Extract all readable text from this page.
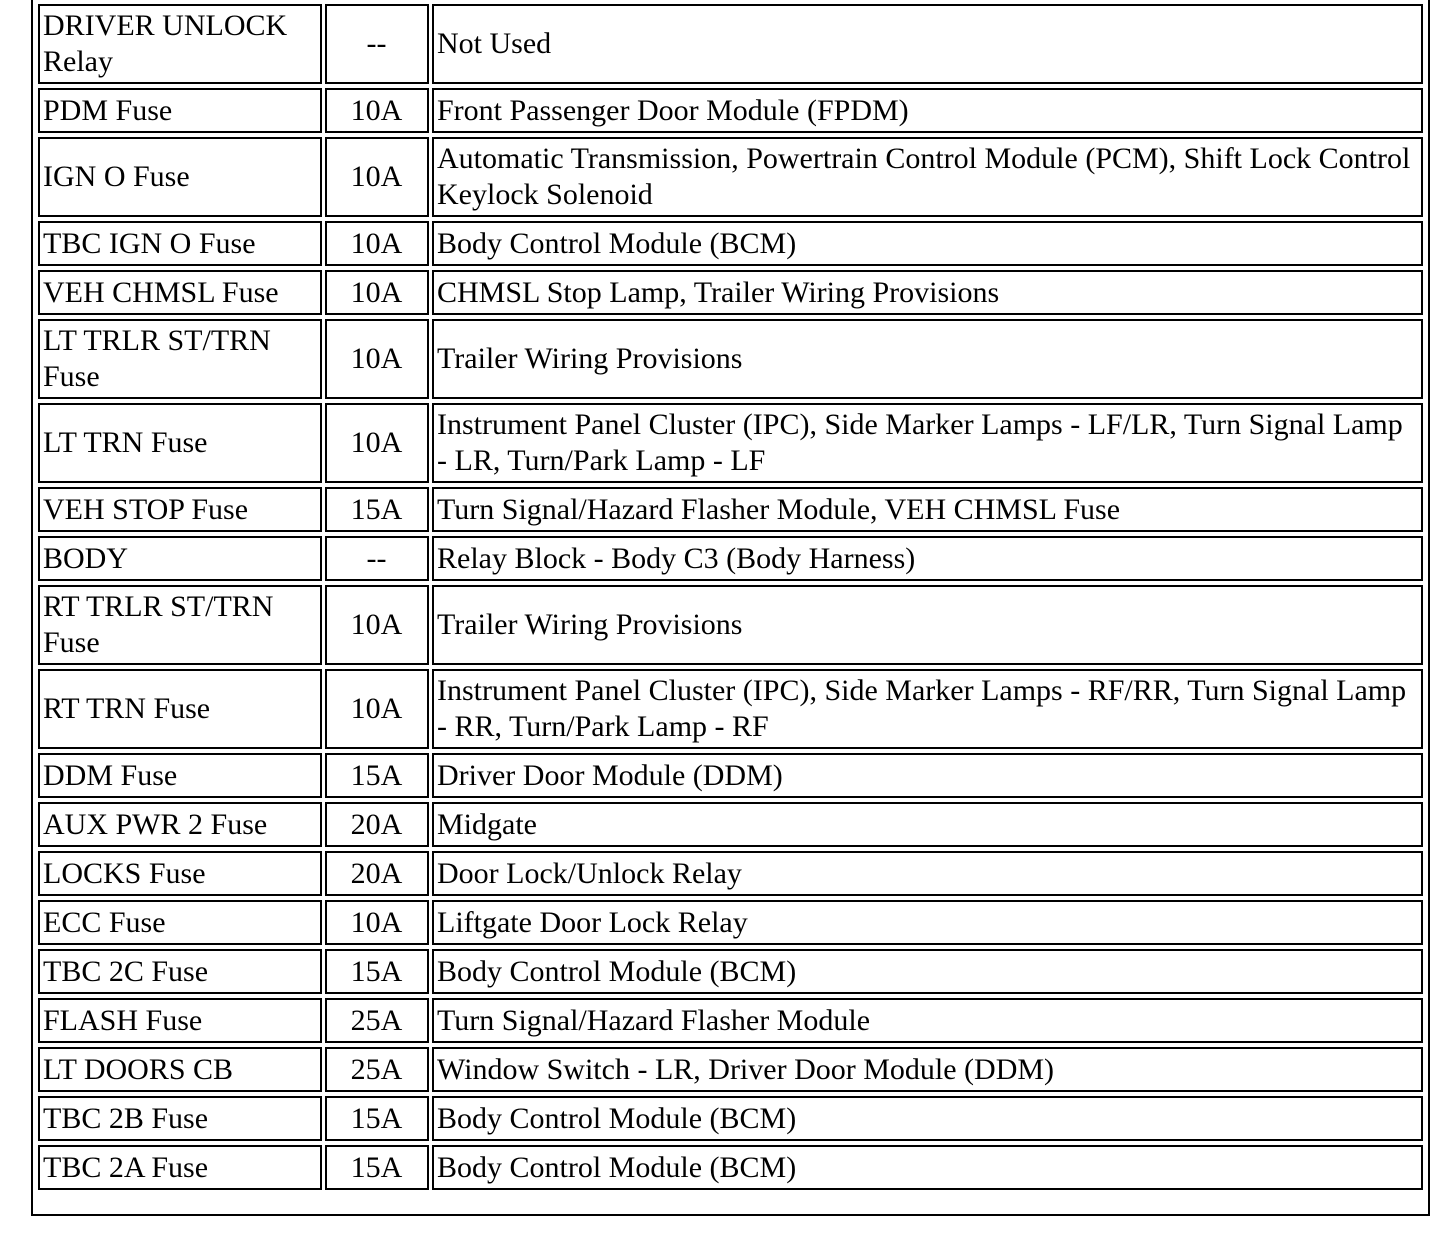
DRIVER UNLOCK Relay	--	Not Used
PDM Fuse	10A	Front Passenger Door Module (FPDM)
IGN O Fuse	10A	Automatic Transmission, Powertrain Control Module (PCM), Shift Lock Control Keylock Solenoid
TBC IGN O Fuse	10A	Body Control Module (BCM)
VEH CHMSL Fuse	10A	CHMSL Stop Lamp, Trailer Wiring Provisions
LT TRLR ST/TRN Fuse	10A	Trailer Wiring Provisions
LT TRN Fuse	10A	Instrument Panel Cluster (IPC), Side Marker Lamps - LF/LR, Turn Signal Lamp - LR, Turn/Park Lamp - LF
VEH STOP Fuse	15A	Turn Signal/Hazard Flasher Module, VEH CHMSL Fuse
BODY	--	Relay Block - Body C3 (Body Harness)
RT TRLR ST/TRN Fuse	10A	Trailer Wiring Provisions
RT TRN Fuse	10A	Instrument Panel Cluster (IPC), Side Marker Lamps - RF/RR, Turn Signal Lamp - RR, Turn/Park Lamp - RF
DDM Fuse	15A	Driver Door Module (DDM)
AUX PWR 2 Fuse	20A	Midgate
LOCKS Fuse	20A	Door Lock/Unlock Relay
ECC Fuse	10A	Liftgate Door Lock Relay
TBC 2C Fuse	15A	Body Control Module (BCM)
FLASH Fuse	25A	Turn Signal/Hazard Flasher Module
LT DOORS CB	25A	Window Switch - LR, Driver Door Module (DDM)
TBC 2B Fuse	15A	Body Control Module (BCM)
TBC 2A Fuse	15A	Body Control Module (BCM)
